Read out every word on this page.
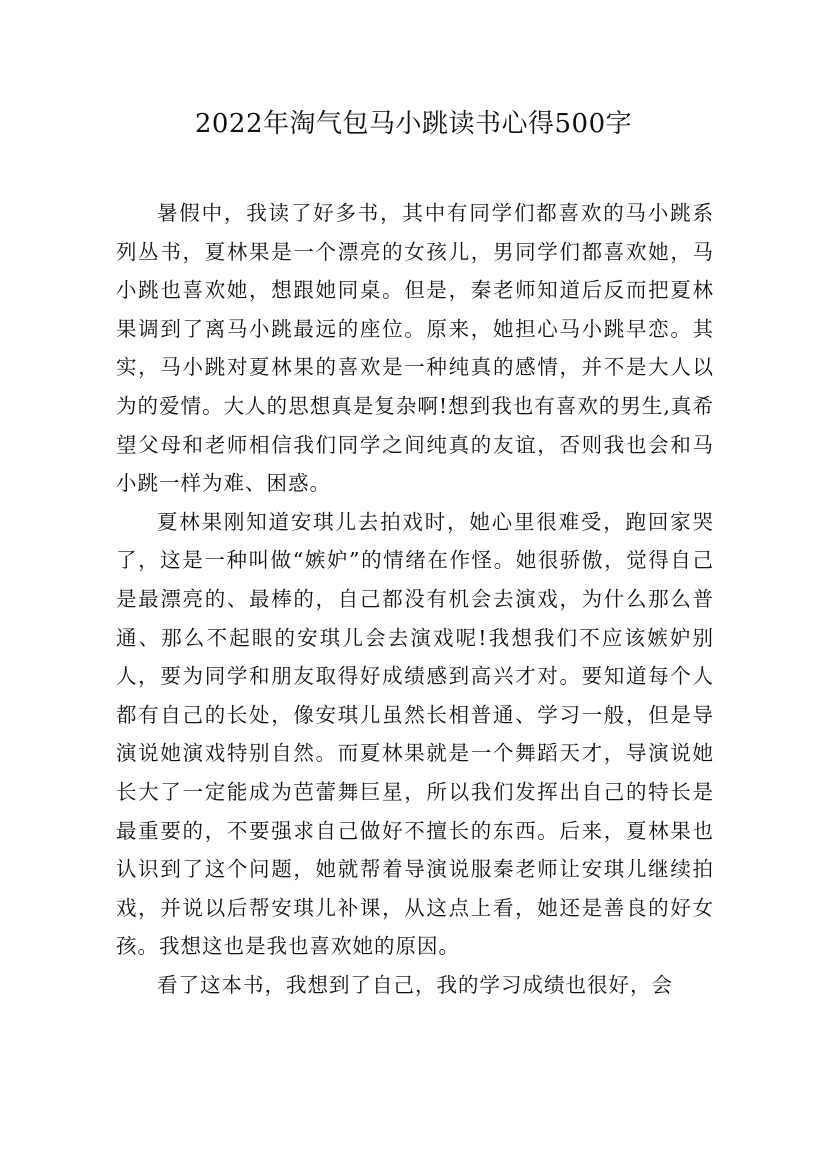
2022年淘气包马小跳读书心得500字

暑假中，我读了好多书，其中有同学们都喜欢的马小跳系列丛书，夏林果是一个漂亮的女孩儿，男同学们都喜欢她，马小跳也喜欢她，想跟她同桌。但是，秦老师知道后反而把夏林果调到了离马小跳最远的座位。原来，她担心马小跳早恋。其实，马小跳对夏林果的喜欢是一种纯真的感情，并不是大人以为的爱情。大人的思想真是复杂啊!想到我也有喜欢的男生,真希望父母和老师相信我们同学之间纯真的友谊，否则我也会和马小跳一样为难、困惑。

夏林果刚知道安琪儿去拍戏时，她心里很难受，跑回家哭了，这是一种叫做“嫉妒”的情绪在作怪。她很骄傲，觉得自己是最漂亮的、最棒的，自己都没有机会去演戏，为什么那么普通、那么不起眼的安琪儿会去演戏呢!我想我们不应该嫉妒别人，要为同学和朋友取得好成绩感到高兴才对。要知道每个人都有自己的长处，像安琪儿虽然长相普通、学习一般，但是导演说她演戏特别自然。而夏林果就是一个舞蹈天才，导演说她长大了一定能成为芭蕾舞巨星，所以我们发挥出自己的特长是最重要的，不要强求自己做好不擅长的东西。后来，夏林果也认识到了这个问题，她就帮着导演说服秦老师让安琪儿继续拍戏，并说以后帮安琪儿补课，从这点上看，她还是善良的好女孩。我想这也是我也喜欢她的原因。

看了这本书，我想到了自己，我的学习成绩也很好，会
